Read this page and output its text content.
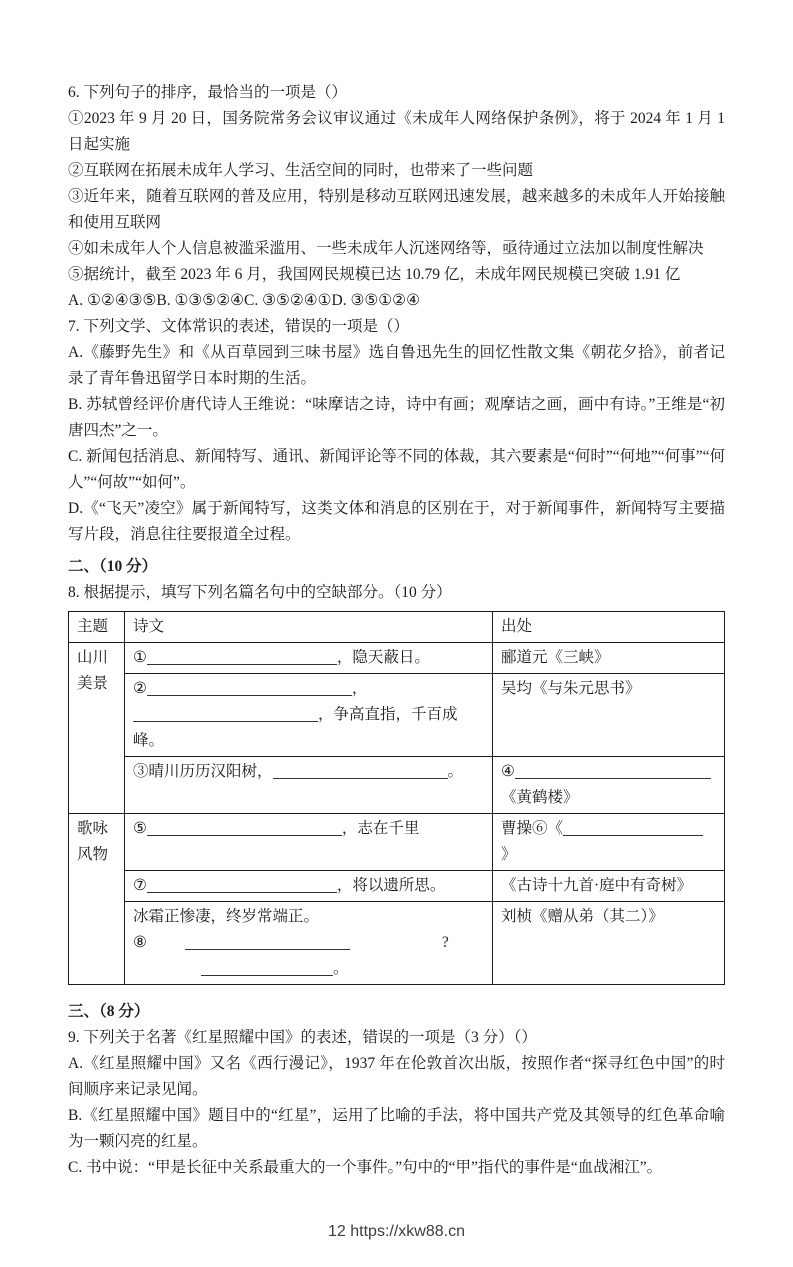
6. 下列句子的排序，最恰当的一项是（）

①2023 年 9 月 20 日，国务院常务会议审议通过《未成年人网络保护条例》，将于 2024 年 1 月 1 日起实施

②互联网在拓展未成年人学习、生活空间的同时，也带来了一些问题

③近年来，随着互联网的普及应用，特别是移动互联网迅速发展，越来越多的未成年人开始接触和使用互联网

④如未成年人个人信息被滥采滥用、一些未成年人沉迷网络等，亟待通过立法加以制度性解决

⑤据统计，截至 2023 年 6 月，我国网民规模已达 10.79 亿，未成年网民规模已突破 1.91 亿

A. ①②④③⑤B. ①③⑤②④C. ③⑤②④①D. ③⑤①②④

7. 下列文学、文体常识的表述，错误的一项是（）

A.《藤野先生》和《从百草园到三味书屋》选自鲁迅先生的回忆性散文集《朝花夕拾》，前者记录了青年鲁迅留学日本时期的生活。

B. 苏轼曾经评价唐代诗人王维说：“味摩诘之诗，诗中有画；观摩诘之画，画中有诗。”王维是“初唐四杰”之一。

C. 新闻包括消息、新闻特写、通讯、新闻评论等不同的体裁，其六要素是“何时”“何地”“何事”“何人”“何故”“如何”。

D.《“飞天”凌空》属于新闻特写，这类文体和消息的区别在于，对于新闻事件，新闻特写主要描写片段，消息往往要报道全过程。

二、（10 分）

8. 根据提示，填写下列名篇名句中的空缺部分。（10 分）

主题	诗文	出处
山川美景	① ，隐天蔽日。	郦道元《三峡》

	② ，
，争高直指，千百成峰。	吴均《与朱元思书》

	③晴川历历汉阳树， 。	④
《黄鹤楼》

歌咏风物	⑤ ，志在千里	曹操⑥《》

	⑦ ，将以遗所思。	《古诗十九首·庭中有奇树》

	冰霜正惨凄，终岁常端正。
⑧ ?
。	刘桢《赠从弟（其二）》
三、（8 分）

9. 下列关于名著《红星照耀中国》的表述，错误的一项是（3 分）（）

A.《红星照耀中国》又名《西行漫记》，1937 年在伦敦首次出版，按照作者“探寻红色中国”的时间顺序来记录见闻。

B.《红星照耀中国》题目中的“红星”，运用了比喻的手法，将中国共产党及其领导的红色革命喻为一颗闪亮的红星。

C. 书中说：“甲是长征中关系最重大的一个事件。”句中的“甲”指代的事件是“血战湘江”。

12 https://xkw88.cn
